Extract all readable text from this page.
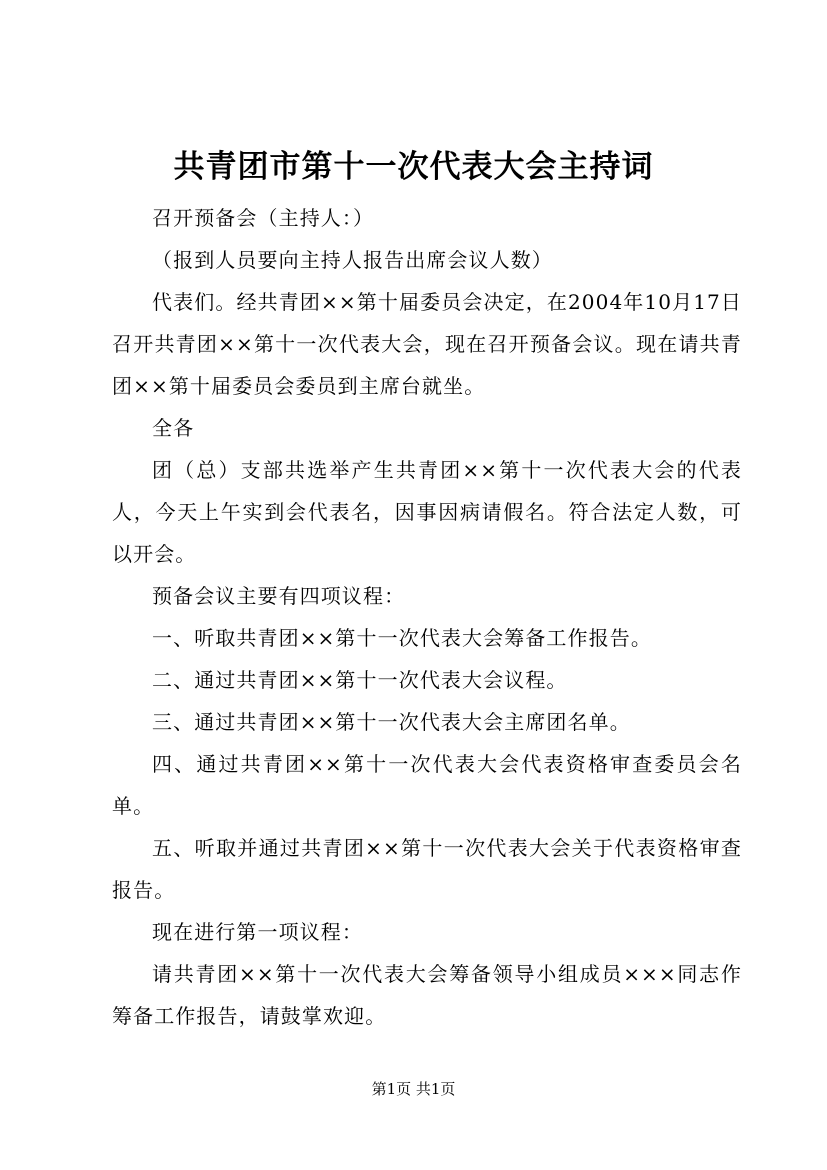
共青团市第十一次代表大会主持词

召开预备会（主持人：）

（报到人员要向主持人报告出席会议人数）

代表们。经共青团××第十届委员会决定，在2004年10月17日召开共青团××第十一次代表大会，现在召开预备会议。现在请共青团××第十届委员会委员到主席台就坐。

全各

团（总）支部共选举产生共青团××第十一次代表大会的代表人，今天上午实到会代表名，因事因病请假名。符合法定人数，可以开会。

预备会议主要有四项议程：

一、听取共青团××第十一次代表大会筹备工作报告。

二、通过共青团××第十一次代表大会议程。

三、通过共青团××第十一次代表大会主席团名单。

四、通过共青团××第十一次代表大会代表资格审查委员会名单。

五、听取并通过共青团××第十一次代表大会关于代表资格审查报告。

现在进行第一项议程：

请共青团××第十一次代表大会筹备领导小组成员×××同志作筹备工作报告，请鼓掌欢迎。

第1页 共1页
